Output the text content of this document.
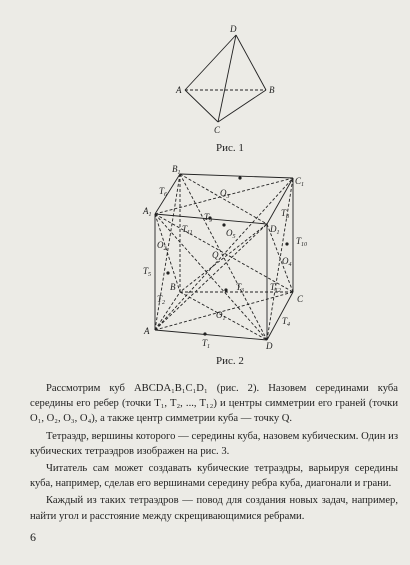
D
A	B
C
Рис. 1
A
B
C
D
$A_1$
$B_1$
$C_1$
$D_1$
$T_6$	$O_3$
$T_9$
$T_8$
$T_{11}$	$O_5$
$O_2$
$T_{10}$
Q
$O_4$
$T_5$
$T_3$	$T_{12}$
$T_2$
$O_1$	$T_4$
$T_1$
Рис. 2

Рассмотрим куб ABCDA₁B₁C₁D₁ (рис. 2). Назовем серединами куба середины его ребер (точки T₁, T₂, ..., T₁₂) и центры симметрии его граней (точки O₁, O₂, O₃, O₄), а также центр симметрии куба — точку Q.

Тетраэдр, вершины которого — середины куба, назовем кубическим. Один из кубических тетраэдров изображен на рис. 3.

Читатель сам может создавать кубические тетраэдры, варьируя середины куба, например, сделав его вершинами середину ребра куба, диагонали и грани.

Каждый из таких тетраэдров — повод для создания новых задач, например, найти угол и расстояние между скрещивающимися ребрами.

6
